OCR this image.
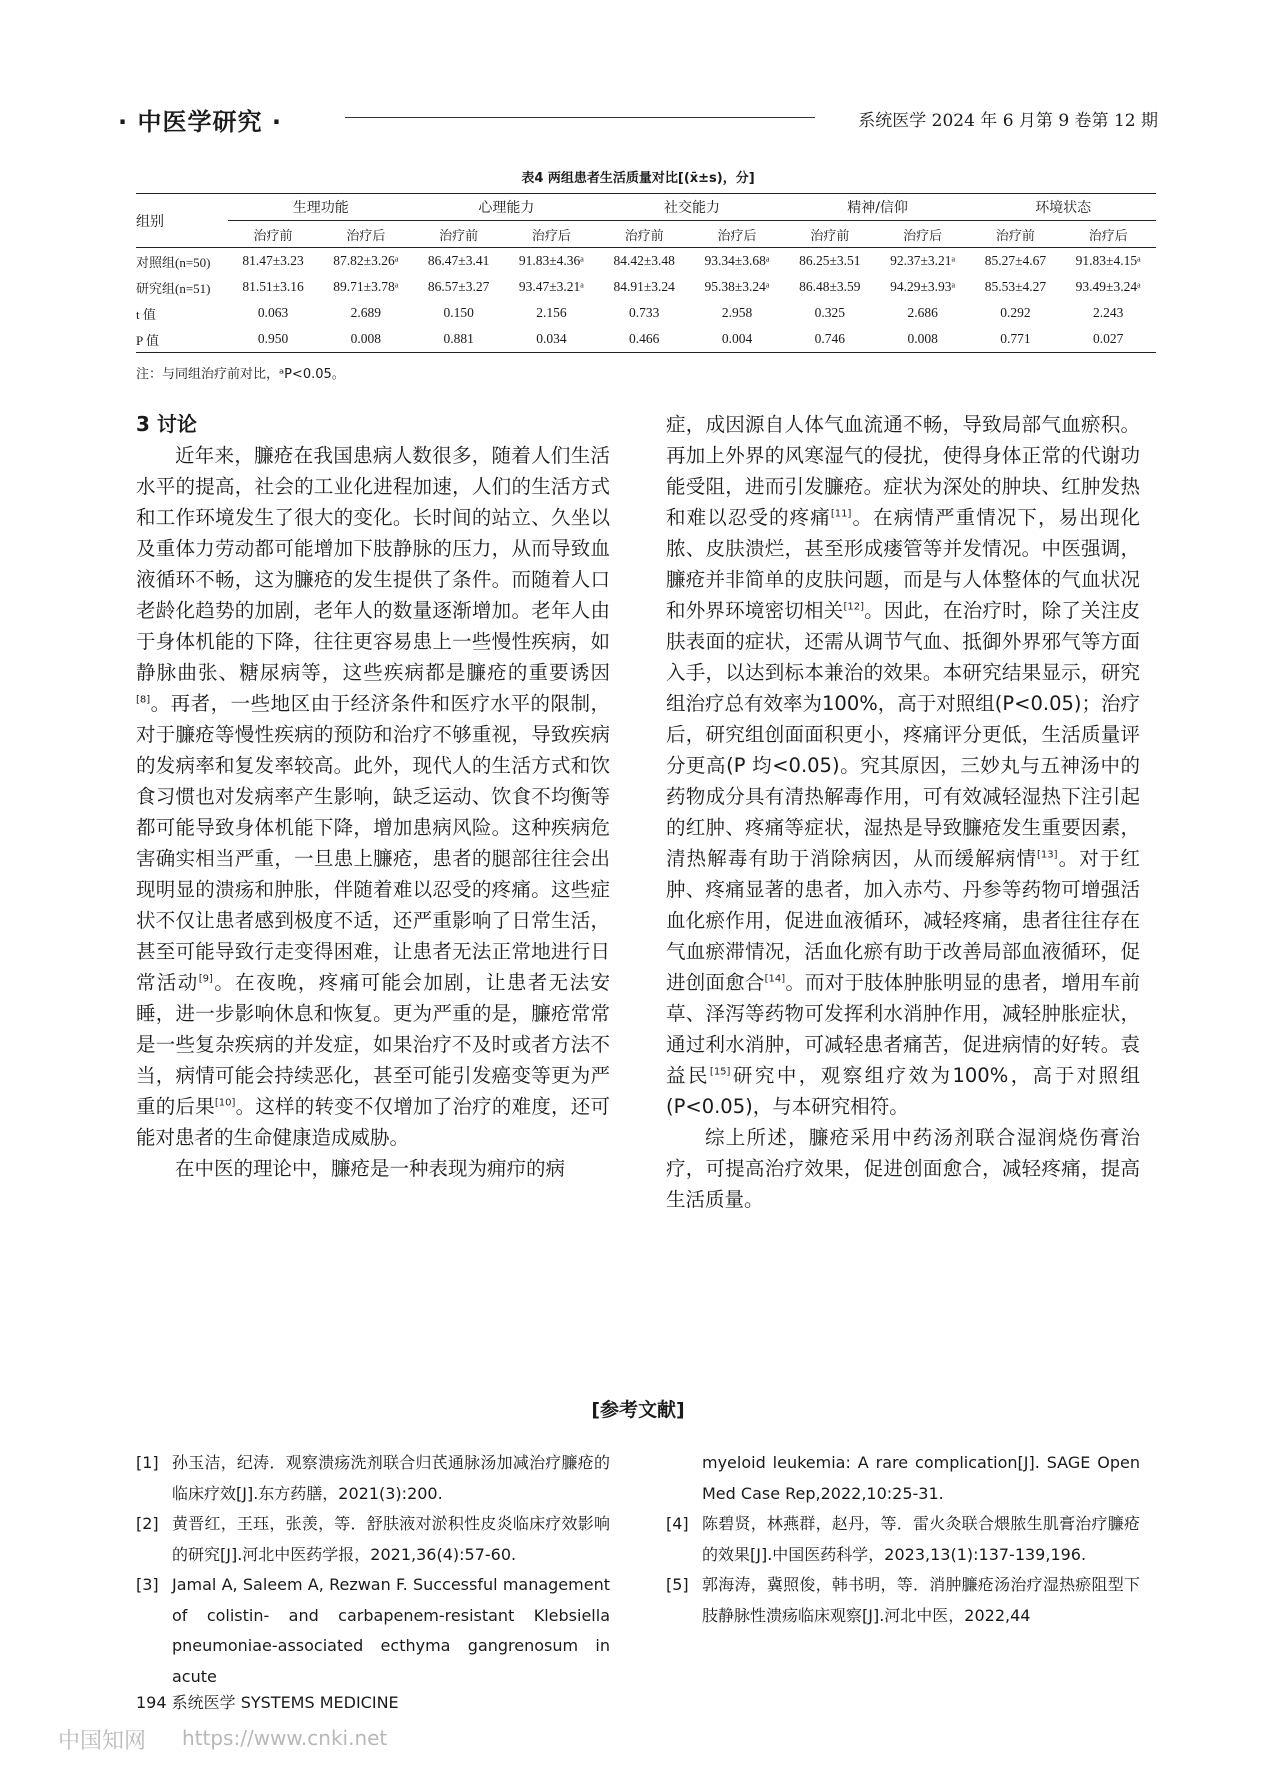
· 中医学研究 ·	系统医学 2024 年 6 月第 9 卷第 12 期
表4 两组患者生活质量对比[(x̄±s)，分]
组别	生理功能		心理能力		社交能力		精神/信仰		环境状态	
	治疗前	治疗后	治疗前	治疗后	治疗前	治疗后	治疗前	治疗后	治疗前	治疗后
对照组(n=50)	81.47±3.23	87.82±3.26ᵃ	86.47±3.41	91.83±4.36ᵃ	84.42±3.48	93.34±3.68ᵃ	86.25±3.51	92.37±3.21ᵃ	85.27±4.67	91.83±4.15ᵃ
研究组(n=51)	81.51±3.16	89.71±3.78ᵃ	86.57±3.27	93.47±3.21ᵃ	84.91±3.24	95.38±3.24ᵃ	86.48±3.59	94.29±3.93ᵃ	85.53±4.27	93.49±3.24ᵃ
t 值	0.063	2.689	0.150	2.156	0.733	2.958	0.325	2.686	0.292	2.243
P 值	0.950	0.008	0.881	0.034	0.466	0.004	0.746	0.008	0.771	0.027
注：与同组治疗前对比，ᵃP<0.05。
3 讨论

近年来，臁疮在我国患病人数很多，随着人们生活水平的提高，社会的工业化进程加速，人们的生活方式和工作环境发生了很大的变化。长时间的站立、久坐以及重体力劳动都可能增加下肢静脉的压力，从而导致血液循环不畅，这为臁疮的发生提供了条件。而随着人口老龄化趋势的加剧，老年人的数量逐渐增加。老年人由于身体机能的下降，往往更容易患上一些慢性疾病，如静脉曲张、糖尿病等，这些疾病都是臁疮的重要诱因[8]。再者，一些地区由于经济条件和医疗水平的限制，对于臁疮等慢性疾病的预防和治疗不够重视，导致疾病的发病率和复发率较高。此外，现代人的生活方式和饮食习惯也对发病率产生影响，缺乏运动、饮食不均衡等都可能导致身体机能下降，增加患病风险。这种疾病危害确实相当严重，一旦患上臁疮，患者的腿部往往会出现明显的溃疡和肿胀，伴随着难以忍受的疼痛。这些症状不仅让患者感到极度不适，还严重影响了日常生活，甚至可能导致行走变得困难，让患者无法正常地进行日常活动[9]。在夜晚，疼痛可能会加剧，让患者无法安睡，进一步影响休息和恢复。更为严重的是，臁疮常常是一些复杂疾病的并发症，如果治疗不及时或者方法不当，病情可能会持续恶化，甚至可能引发癌变等更为严重的后果[10]。这样的转变不仅增加了治疗的难度，还可能对患者的生命健康造成威胁。

在中医的理论中，臁疮是一种表现为痈疖的病

症，成因源自人体气血流通不畅，导致局部气血瘀积。再加上外界的风寒湿气的侵扰，使得身体正常的代谢功能受阻，进而引发臁疮。症状为深处的肿块、红肿发热和难以忍受的疼痛[11]。在病情严重情况下，易出现化脓、皮肤溃烂，甚至形成瘘管等并发情况。中医强调，臁疮并非简单的皮肤问题，而是与人体整体的气血状况和外界环境密切相关[12]。因此，在治疗时，除了关注皮肤表面的症状，还需从调节气血、抵御外界邪气等方面入手，以达到标本兼治的效果。本研究结果显示，研究组治疗总有效率为100%，高于对照组(P<0.05)；治疗后，研究组创面面积更小，疼痛评分更低，生活质量评分更高(P 均<0.05)。究其原因，三妙丸与五神汤中的药物成分具有清热解毒作用，可有效减轻湿热下注引起的红肿、疼痛等症状，湿热是导致臁疮发生重要因素，清热解毒有助于消除病因，从而缓解病情[13]。对于红肿、疼痛显著的患者，加入赤芍、丹参等药物可增强活血化瘀作用，促进血液循环，减轻疼痛，患者往往存在气血瘀滞情况，活血化瘀有助于改善局部血液循环，促进创面愈合[14]。而对于肢体肿胀明显的患者，增用车前草、泽泻等药物可发挥利水消肿作用，减轻肿胀症状，通过利水消肿，可减轻患者痛苦，促进病情的好转。袁益民[15]研究中，观察组疗效为100%，高于对照组(P<0.05)，与本研究相符。

综上所述，臁疮采用中药汤剂联合湿润烧伤膏治疗，可提高治疗效果，促进创面愈合，减轻疼痛，提高生活质量。

[参考文献]
[1] 孙玉洁，纪涛．观察溃疡洗剂联合归芪通脉汤加减治疗臁疮的临床疗效[J].东方药膳，2021(3):200.
[2] 黄晋红，王珏，张羡，等．舒肤液对淤积性皮炎临床疗效影响的研究[J].河北中医药学报，2021,36(4):57-60.
[3] Jamal A, Saleem A, Rezwan F. Successful management of colistin- and carbapenem-resistant Klebsiella pneumoniae-associated ecthyma gangrenosum in acute
myeloid leukemia: A rare complication[J]. SAGE Open Med Case Rep,2022,10:25-31.
[4] 陈碧贤，林燕群，赵丹，等．雷火灸联合煨脓生肌膏治疗臁疮的效果[J].中国医药科学，2023,13(1):137-139,196.
[5] 郭海涛，冀照俊，韩书明，等．消肿臁疮汤治疗湿热瘀阻型下肢静脉性溃疡临床观察[J].河北中医，2022,44
194 系统医学 SYSTEMS MEDICINE
中国知网 https://www.cnki.net
